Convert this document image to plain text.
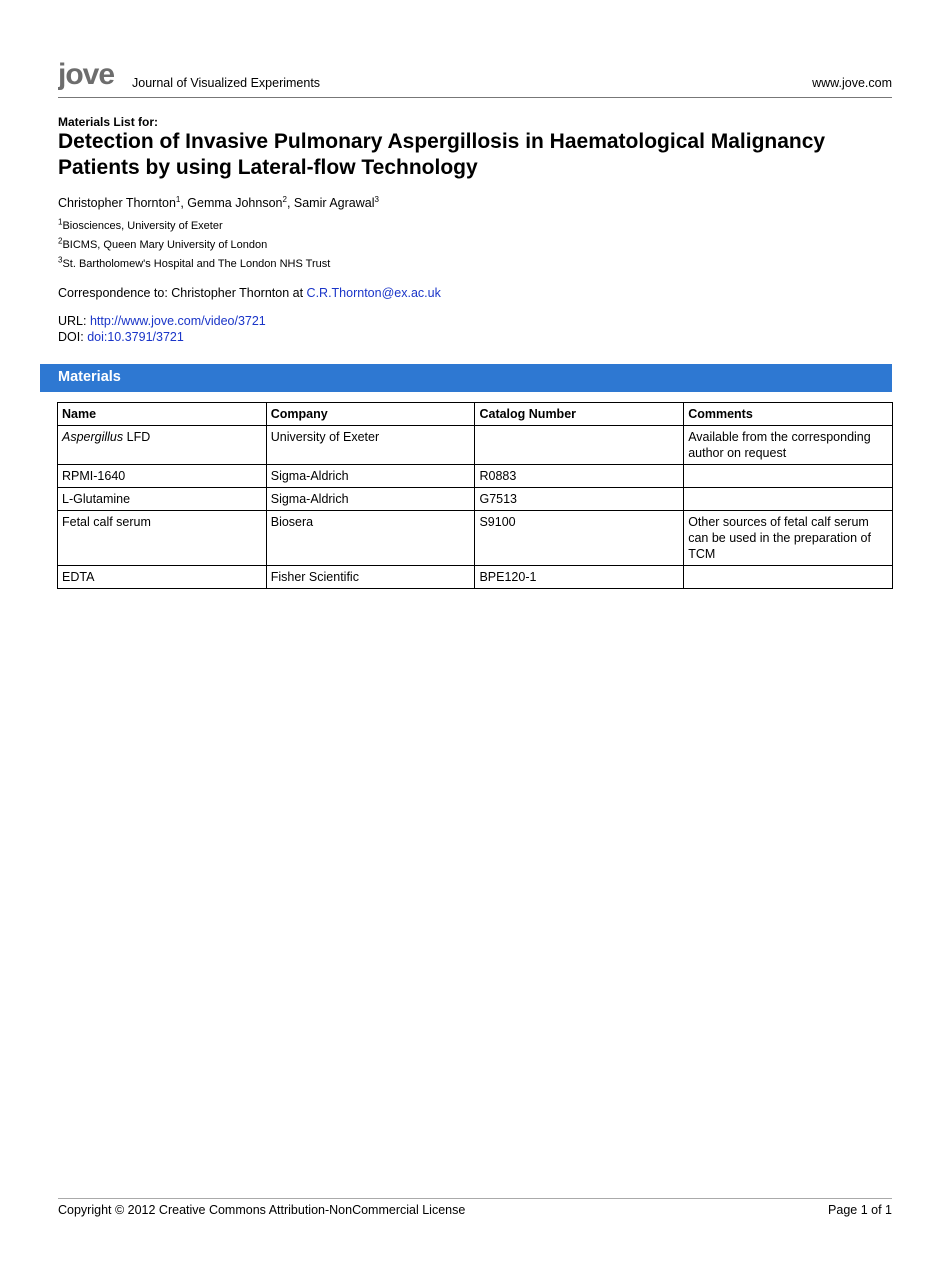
jove Journal of Visualized Experiments	www.jove.com
Materials List for:
Detection of Invasive Pulmonary Aspergillosis in Haematological Malignancy Patients by using Lateral-flow Technology
Christopher Thornton$^1$, Gemma Johnson$^2$, Samir Agrawal$^3$
$^1$Biosciences, University of Exeter
$^2$BICMS, Queen Mary University of London
$^3$St. Bartholomew's Hospital and The London NHS Trust
Correspondence to: Christopher Thornton at C.R.Thornton@ex.ac.uk
URL: http://www.jove.com/video/3721
DOI: doi:10.3791/3721
Materials
Name	Company	Catalog Number	Comments
Aspergillus LFD	University of Exeter		Available from the corresponding author on request
RPMI-1640	Sigma-Aldrich	R0883	
L-Glutamine	Sigma-Aldrich	G7513	
Fetal calf serum	Biosera	S9100	Other sources of fetal calf serum can be used in the preparation of TCM
EDTA	Fisher Scientific	BPE120-1	
Copyright © 2012 Creative Commons Attribution-NonCommercial License	Page 1 of 1
